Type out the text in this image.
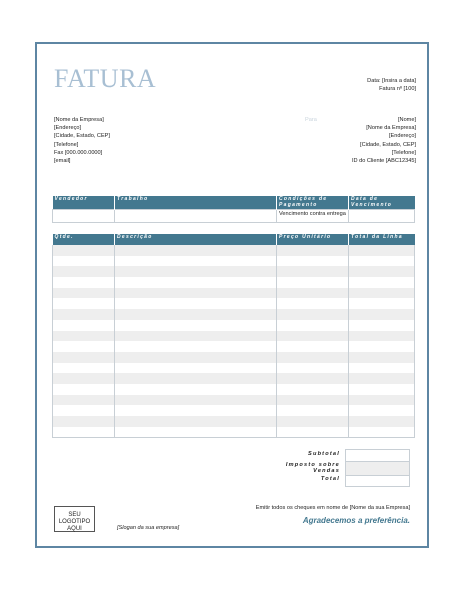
FATURA	Data: [Insira a data]
Fatura nº [100]
[Nome da Empresa]
[Endereço]
[Cidade, Estado, CEP]
[Telefone]
Fax [000.000.0000]
[email]
Para	[Nome]
[Nome da Empresa]
[Endereço]
[Cidade, Estado, CEP]
[Telefone]
ID do Cliente [ABC12345]
Vendedor	Trabalho	Condições de Pagamento	Data de Vencimento
		Vencimento contra entrega	
Qtde.	Descrição	Preço Unitário	Total da Linha

Subtotal	
Imposto sobre Vendas	
Total	
SEU LOGOTIPO AQUI	[Slogan da sua empresa]
Emitir todos os cheques em nome de [Nome da sua Empresa]
Agradecemos a preferência.
